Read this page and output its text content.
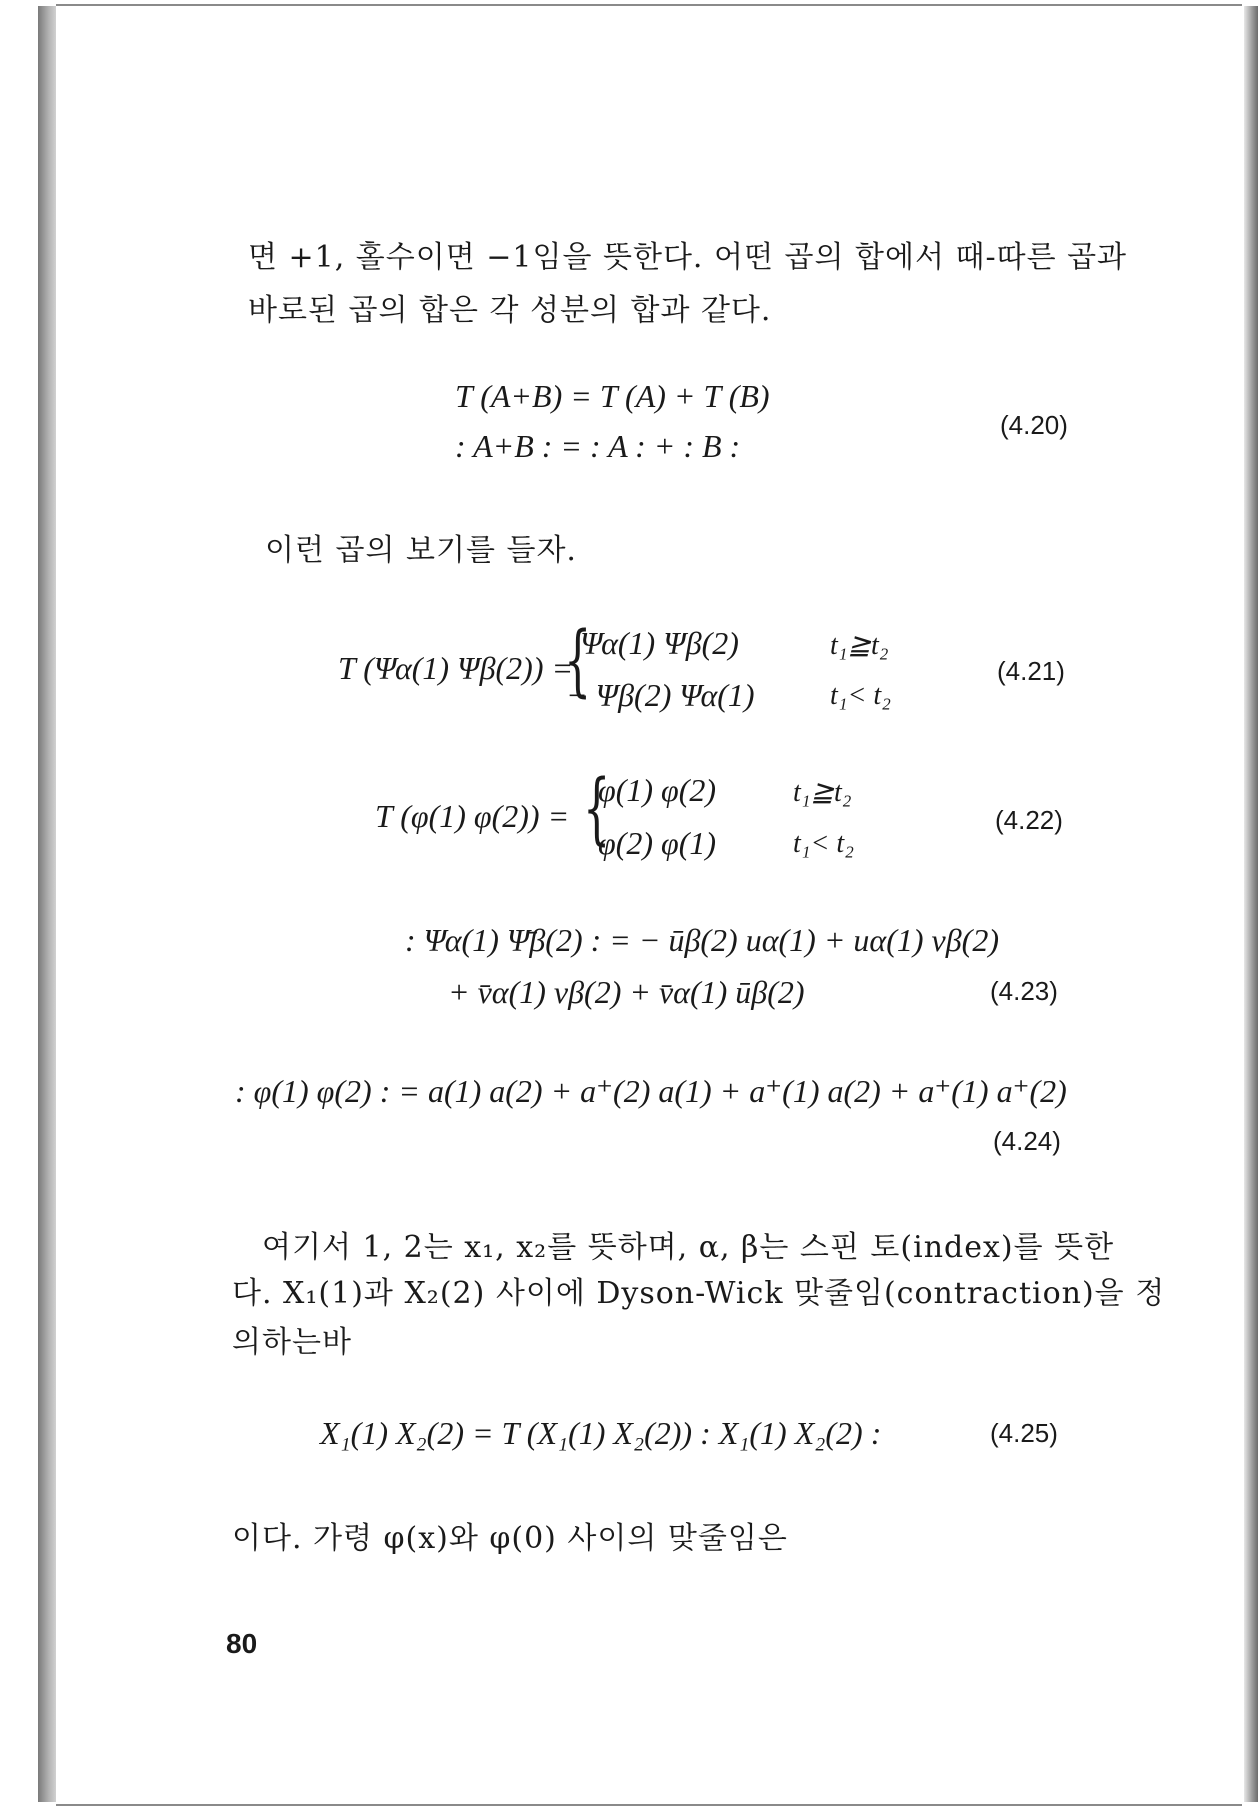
면 +1, 홀수이면 −1임을 뜻한다. 어떤 곱의 합에서 때-따른 곱과
바로된 곱의 합은 각 성분의 합과 같다.
T (A+B) = T (A) + T (B)
: A+B : = : A : + : B :
(4.20)
이런 곱의 보기를 들자.
T (Ψα(1) Ψβ(2)) =
{
Ψα(1) Ψβ(2)	t₁≧t₂
− Ψβ(2) Ψα(1)	t₁< t₂
(4.21)
T (φ(1) φ(2)) = {
φ(1) φ(2)	t₁≧t₂
φ(2) φ(1)	t₁< t₂
(4.22)
: Ψα(1) Ψ̄β(2) : = − ūβ(2) uα(1) + uα(1) vβ(2)
+ v̄α(1) vβ(2) + v̄α(1) ūβ(2)	(4.23)
: φ(1) φ(2) : = a(1) a(2) + a⁺(2) a(1) + a⁺(1) a(2) + a⁺(1) a⁺(2)
(4.24)
여기서 1, 2는 x₁, x₂를 뜻하며, α, β는 스핀 토(index)를 뜻한
다. X₁(1)과 X₂(2) 사이에 Dyson-Wick 맞줄임(contraction)을 정
의하는바
X₁(1) X₂(2) = T (X₁(1) X₂(2)) : X₁(1) X₂(2) :	(4.25)
이다. 가령 φ(x)와 φ(0) 사이의 맞줄임은
80
